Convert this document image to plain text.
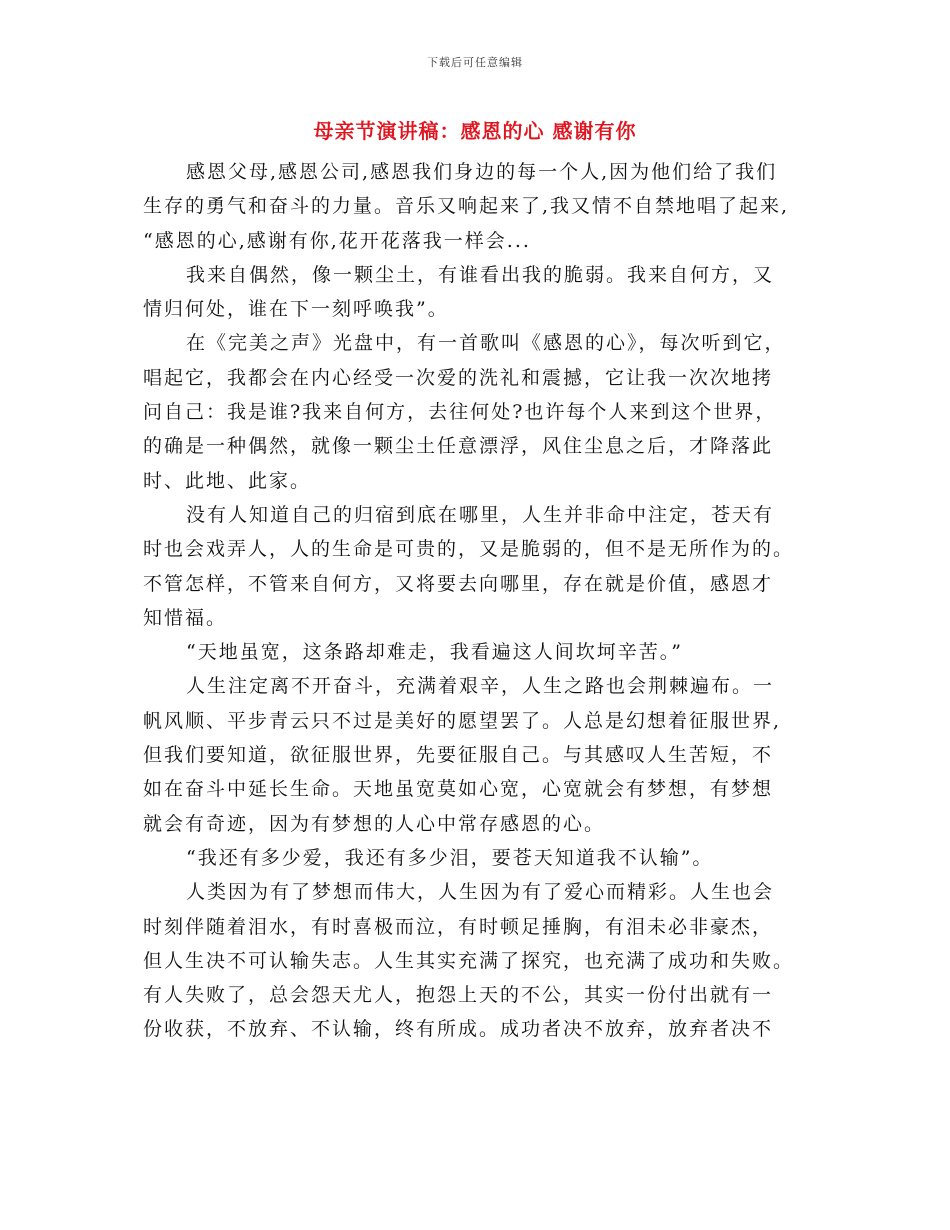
下载后可任意编辑
母亲节演讲稿：感恩的心 感谢有你
感恩父母,感恩公司,感恩我们身边的每一个人,因为他们给了我们
生存的勇气和奋斗的力量。音乐又响起来了,我又情不自禁地唱了起来,
“感恩的心,感谢有你,花开花落我一样会...
我来自偶然，像一颗尘土，有谁看出我的脆弱。我来自何方，又
情归何处，谁在下一刻呼唤我”。
在《完美之声》光盘中，有一首歌叫《感恩的心》，每次听到它，
唱起它，我都会在内心经受一次爱的洗礼和震撼，它让我一次次地拷
问自己：我是谁?我来自何方，去往何处?也许每个人来到这个世界，
的确是一种偶然，就像一颗尘土任意漂浮，风住尘息之后，才降落此
时、此地、此家。
没有人知道自己的归宿到底在哪里，人生并非命中注定，苍天有
时也会戏弄人，人的生命是可贵的，又是脆弱的，但不是无所作为的。
不管怎样，不管来自何方，又将要去向哪里，存在就是价值，感恩才
知惜福。
“天地虽宽，这条路却难走，我看遍这人间坎坷辛苦。”
人生注定离不开奋斗，充满着艰辛，人生之路也会荆棘遍布。一
帆风顺、平步青云只不过是美好的愿望罢了。人总是幻想着征服世界,
但我们要知道，欲征服世界，先要征服自己。与其感叹人生苦短，不
如在奋斗中延长生命。天地虽宽莫如心宽，心宽就会有梦想，有梦想
就会有奇迹，因为有梦想的人心中常存感恩的心。
“我还有多少爱，我还有多少泪，要苍天知道我不认输”。
人类因为有了梦想而伟大，人生因为有了爱心而精彩。人生也会
时刻伴随着泪水，有时喜极而泣，有时顿足捶胸，有泪未必非豪杰，
但人生决不可认输失志。人生其实充满了探究，也充满了成功和失败。
有人失败了，总会怨天尤人，抱怨上天的不公，其实一份付出就有一
份收获，不放弃、不认输，终有所成。成功者决不放弃，放弃者决不
